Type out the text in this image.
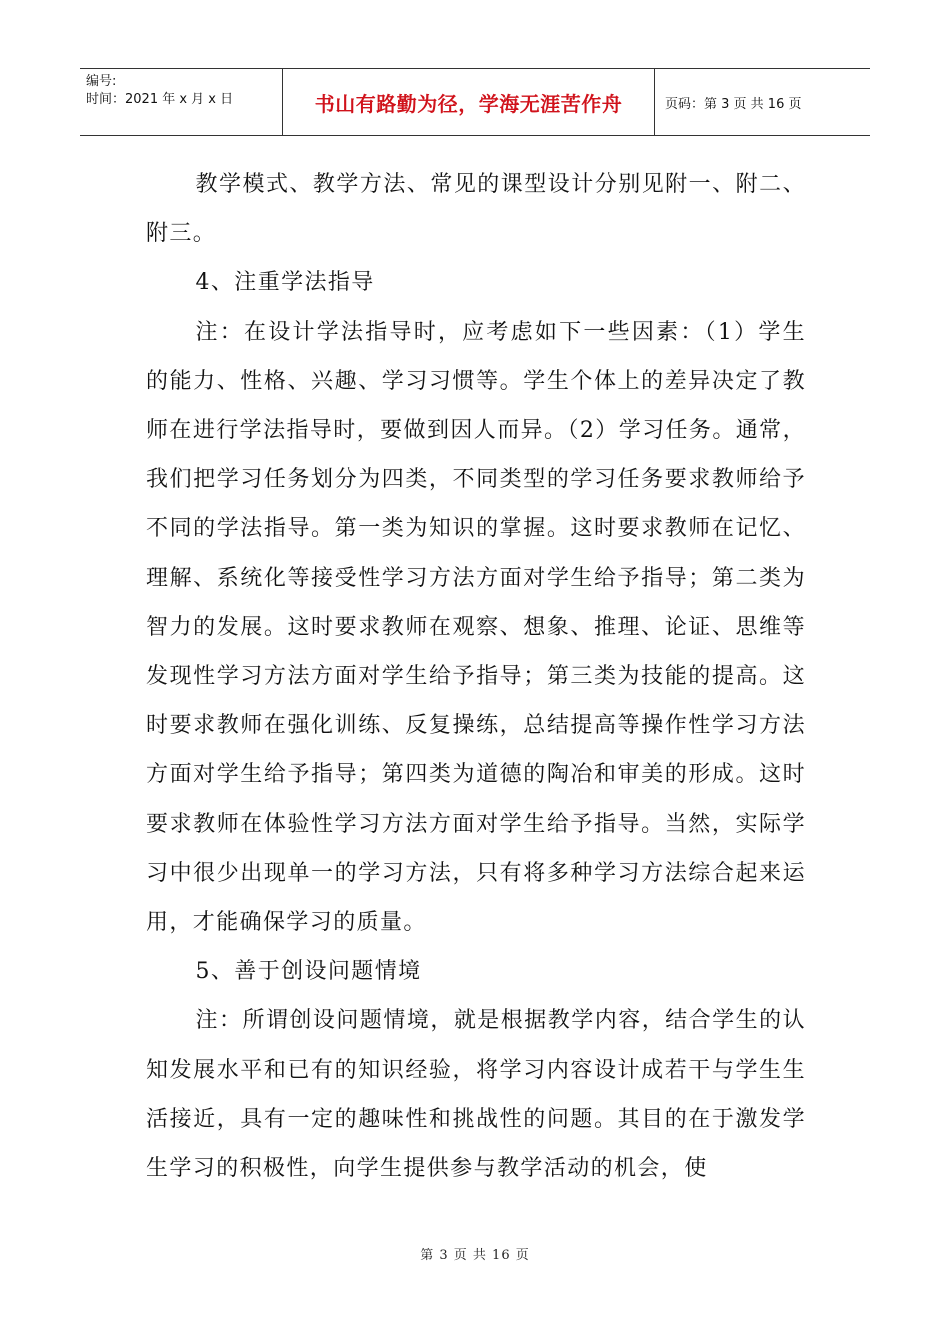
编号:
时间：2021 年 x 月 x 日	书山有路勤为径，学海无涯苦作舟	页码：第 3 页 共 16 页

教学模式、教学方法、常见的课型设计分别见附一、附二、附三。

4、注重学法指导

注：在设计学法指导时，应考虑如下一些因素：（1）学生的能力、性格、兴趣、学习习惯等。学生个体上的差异决定了教师在进行学法指导时，要做到因人而异。（2）学习任务。通常，我们把学习任务划分为四类，不同类型的学习任务要求教师给予不同的学法指导。第一类为知识的掌握。这时要求教师在记忆、理解、系统化等接受性学习方法方面对学生给予指导；第二类为智力的发展。这时要求教师在观察、想象、推理、论证、思维等发现性学习方法方面对学生给予指导；第三类为技能的提高。这时要求教师在强化训练、反复操练，总结提高等操作性学习方法方面对学生给予指导；第四类为道德的陶冶和审美的形成。这时要求教师在体验性学习方法方面对学生给予指导。当然，实际学习中很少出现单一的学习方法，只有将多种学习方法综合起来运用，才能确保学习的质量。

5、善于创设问题情境

注：所谓创设问题情境，就是根据教学内容，结合学生的认知发展水平和已有的知识经验，将学习内容设计成若干与学生生活接近，具有一定的趣味性和挑战性的问题。其目的在于激发学生学习的积极性，向学生提供参与教学活动的机会，使

第 3 页 共 16 页
